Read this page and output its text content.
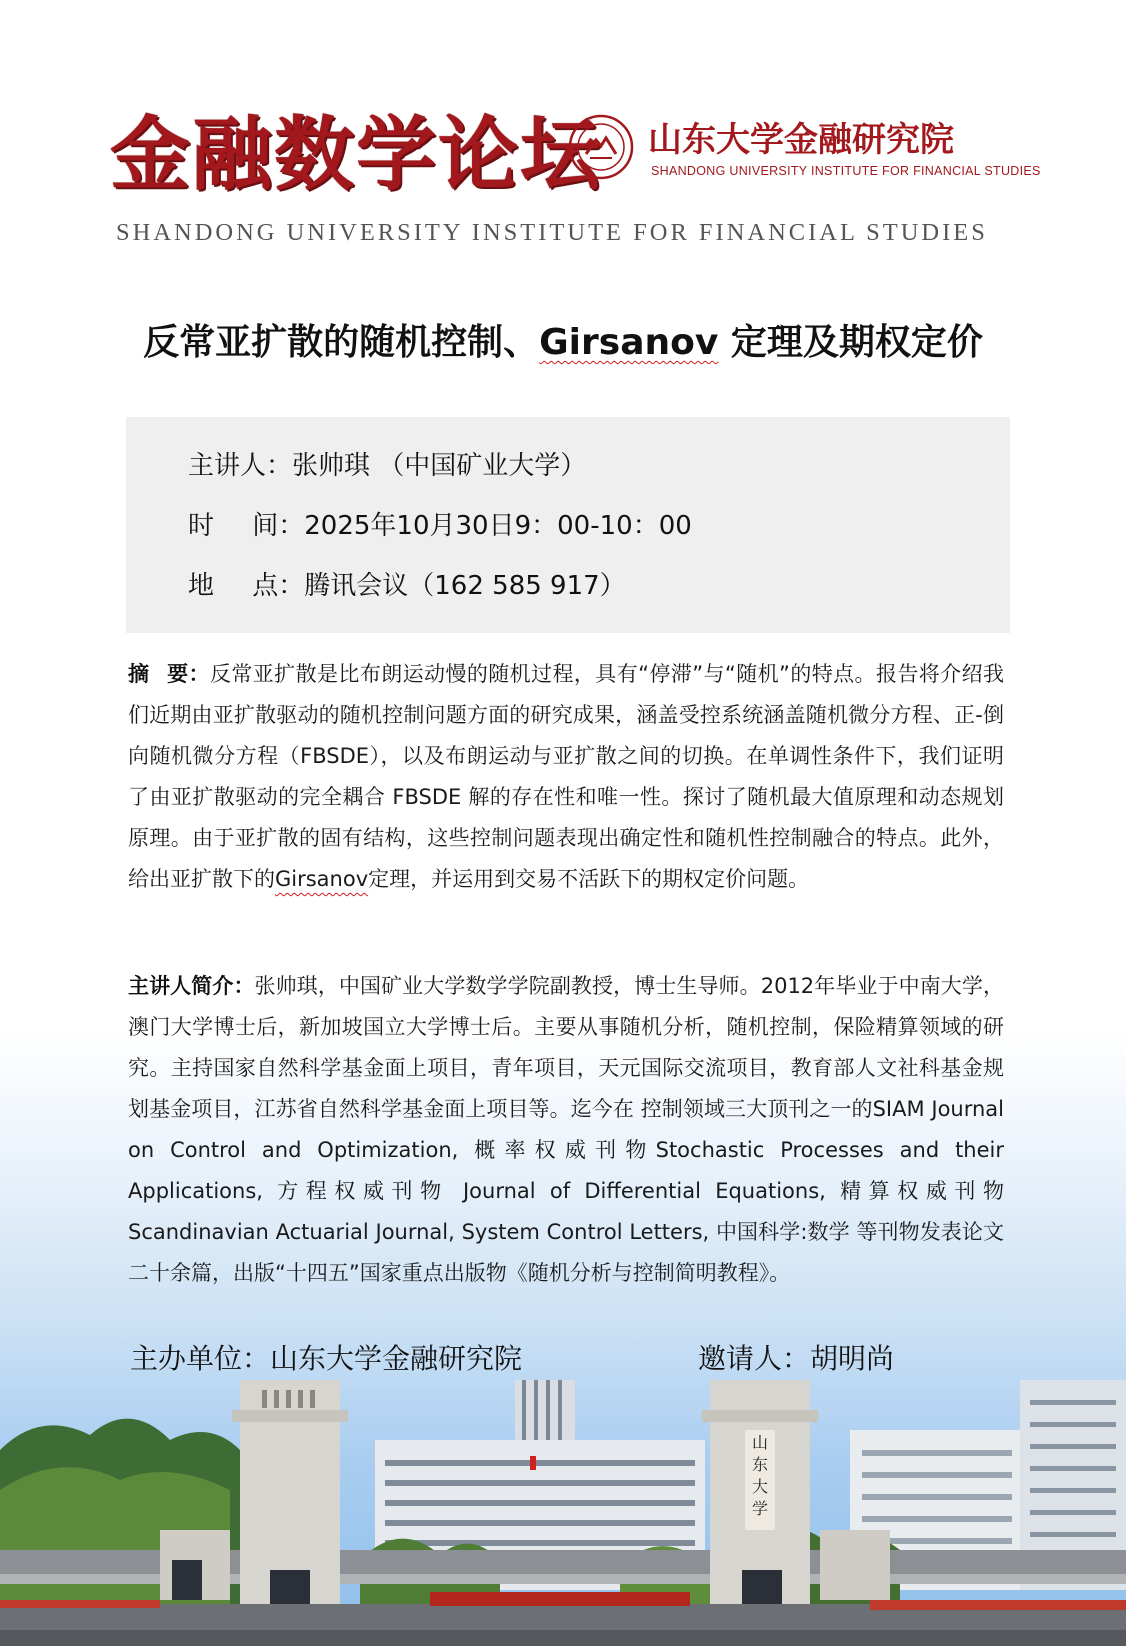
山
东
大
学
金融数学论坛 山东大学金融研究院
SHANDONG UNIVERSITY INSTITUTE FOR FINANCIAL STUDIES
SHANDONG UNIVERSITY INSTITUTE FOR FINANCIAL STUDIES
反常亚扩散的随机控制、Girsanov 定理及期权定价
主讲人：张帅琪 （中国矿业大学）
时 间：2025年10月30日9：00-10：00
地 点：腾讯会议（162 585 917）
摘 要：反常亚扩散是比布朗运动慢的随机过程，具有“停滞”与“随机”的特点。报告将介绍我们近期由亚扩散驱动的随机控制问题方面的研究成果，涵盖受控系统涵盖随机微分方程、正-倒向随机微分方程（FBSDE），以及布朗运动与亚扩散之间的切换。在单调性条件下，我们证明了由亚扩散驱动的完全耦合 FBSDE 解的存在性和唯一性。探讨了随机最大值原理和动态规划原理。由于亚扩散的固有结构，这些控制问题表现出确定性和随机性控制融合的特点。此外，给出亚扩散下的Girsanov定理，并运用到交易不活跃下的期权定价问题。
主讲人简介：张帅琪，中国矿业大学数学学院副教授，博士生导师。2012年毕业于中南大学，澳门大学博士后，新加坡国立大学博士后。主要从事随机分析，随机控制，保险精算领域的研究。主持国家自然科学基金面上项目，青年项目，天元国际交流项目，教育部人文社科基金规划基金项目，江苏省自然科学基金面上项目等。迄今在 控制领域三大顶刊之一的SIAM Journal on Control and Optimization, 概率权威刊物Stochastic Processes and their Applications, 方程权威刊物 Journal of Differential Equations, 精算权威刊物Scandinavian Actuarial Journal, System Control Letters, 中国科学:数学 等刊物发表论文二十余篇，出版“十四五”国家重点出版物《随机分析与控制简明教程》。
主办单位：山东大学金融研究院	邀请人：胡明尚
